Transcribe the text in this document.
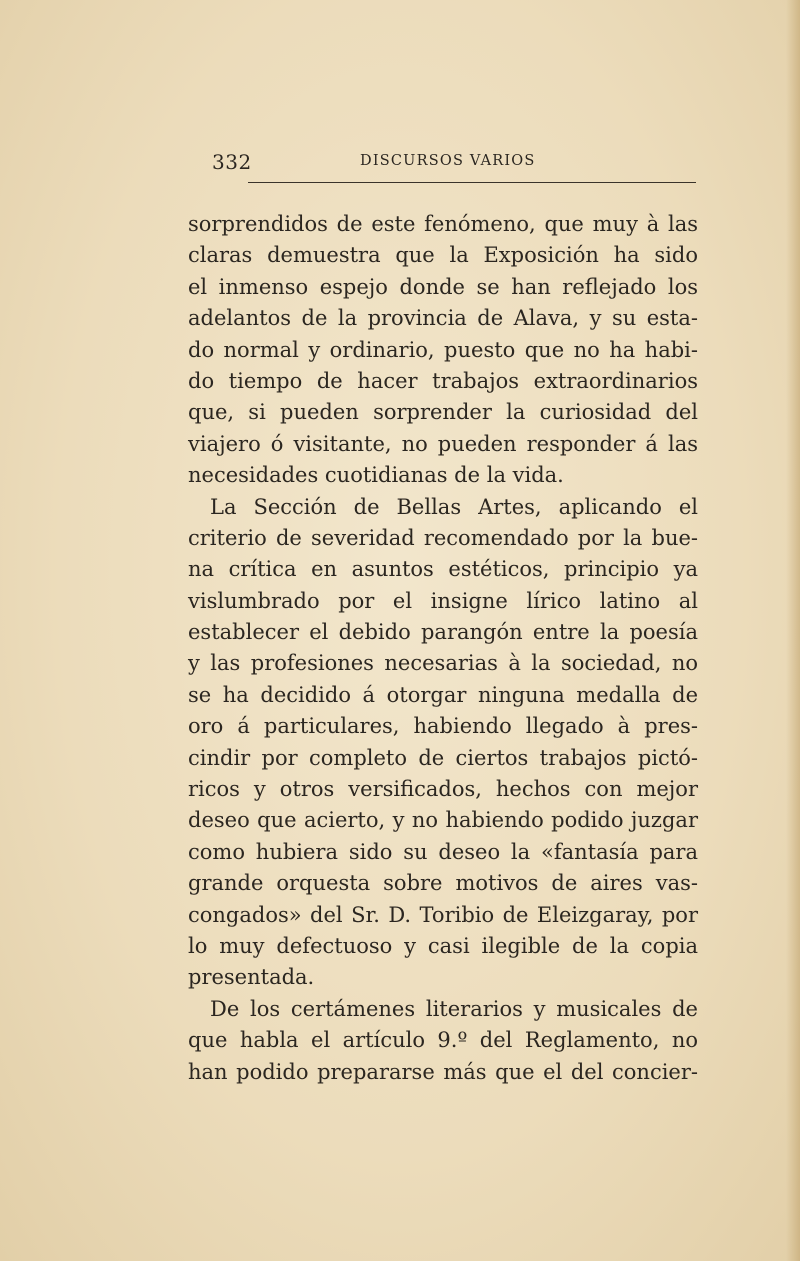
332	DISCURSOS VARIOS
sorprendidos de este fenómeno, que muy à las
claras demuestra que la Exposición ha sido
el inmenso espejo donde se han reflejado los
adelantos de la provincia de Alava, y su esta-
do normal y ordinario, puesto que no ha habi-
do tiempo de hacer trabajos extraordinarios
que, si pueden sorprender la curiosidad del
viajero ó visitante, no pueden responder á las
necesidades cuotidianas de la vida.
La Sección de Bellas Artes, aplicando el
criterio de severidad recomendado por la bue-
na crítica en asuntos estéticos, principio ya
vislumbrado por el insigne lírico latino al
establecer el debido parangón entre la poesía
y las profesiones necesarias à la sociedad, no
se ha decidido á otorgar ninguna medalla de
oro á particulares, habiendo llegado à pres-
cindir por completo de ciertos trabajos pictó-
ricos y otros versificados, hechos con mejor
deseo que acierto, y no habiendo podido juzgar
como hubiera sido su deseo la «fantasía para
grande orquesta sobre motivos de aires vas-
congados» del Sr. D. Toribio de Eleizgaray, por
lo muy defectuoso y casi ilegible de la copia
presentada.
De los certámenes literarios y musicales de
que habla el artículo 9.º del Reglamento, no
han podido prepararse más que el del concier-
